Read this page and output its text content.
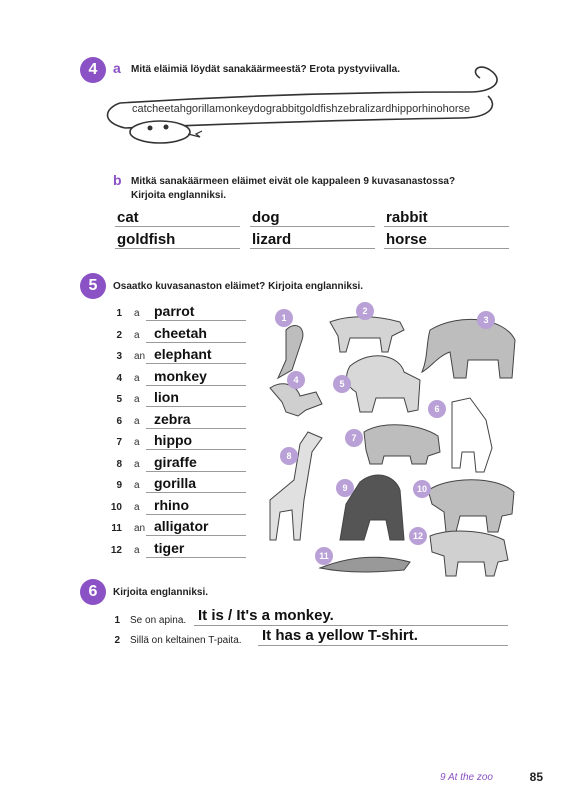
4	a Mitä eläimiä löydät sanakäärmeestä? Erota pystyviivalla.
catcheetahgorillamonkeydograbbitgoldfishzebralizardhipporhinohorse
b Mitkä sanakäärmeen eläimet eivät ole kappaleen 9 kuvasanastossa?
Kirjoita englanniksi.
cat	dog	rabbit
goldfish	lizard	horse
5	Osaatko kuvasanaston eläimet? Kirjoita englanniksi.
1 a parrot
2 a cheetah
3 an elephant
4 a monkey
5 a lion
6 a zebra
7 a hippo
8 a giraffe
9 a gorilla
10 a rhino
11 an alligator
12 a tiger
1
2
3
4	5
6
7
8
9	10
11
12
6	Kirjoita englanniksi.
1 Se on apina. It is / It's a monkey.
2 Sillä on keltainen T-paita. It has a yellow T-shirt.
9 At the zoo	85
